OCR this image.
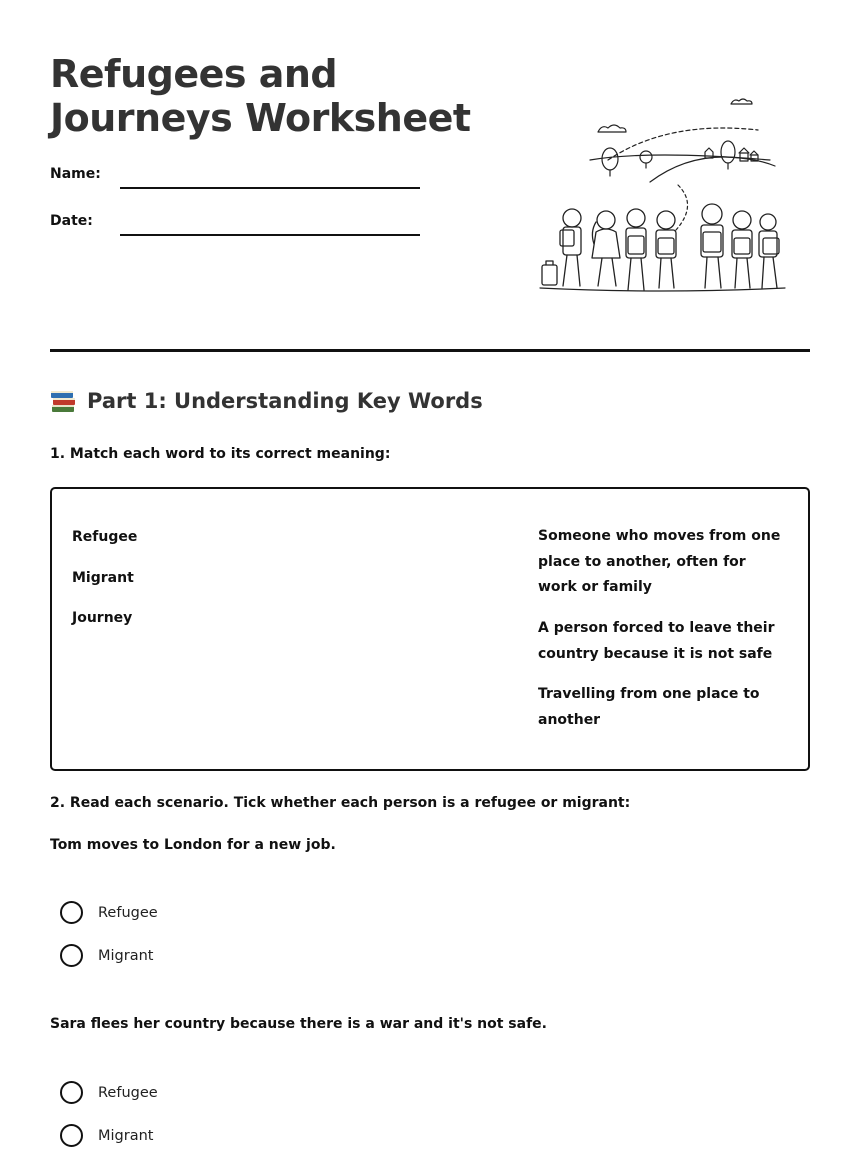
Refugees and Journeys Worksheet
Name:
Date:
Part 1: Understanding Key Words

1. Match each word to its correct meaning:

Refugee
Migrant
Journey
Someone who moves from one place to another, often for work or family
A person forced to leave their country because it is not safe
Travelling from one place to another

2. Read each scenario. Tick whether each person is a refugee or migrant:

Tom moves to London for a new job.

Refugee
Migrant

Sara flees her country because there is a war and it's not safe.

Refugee
Migrant
